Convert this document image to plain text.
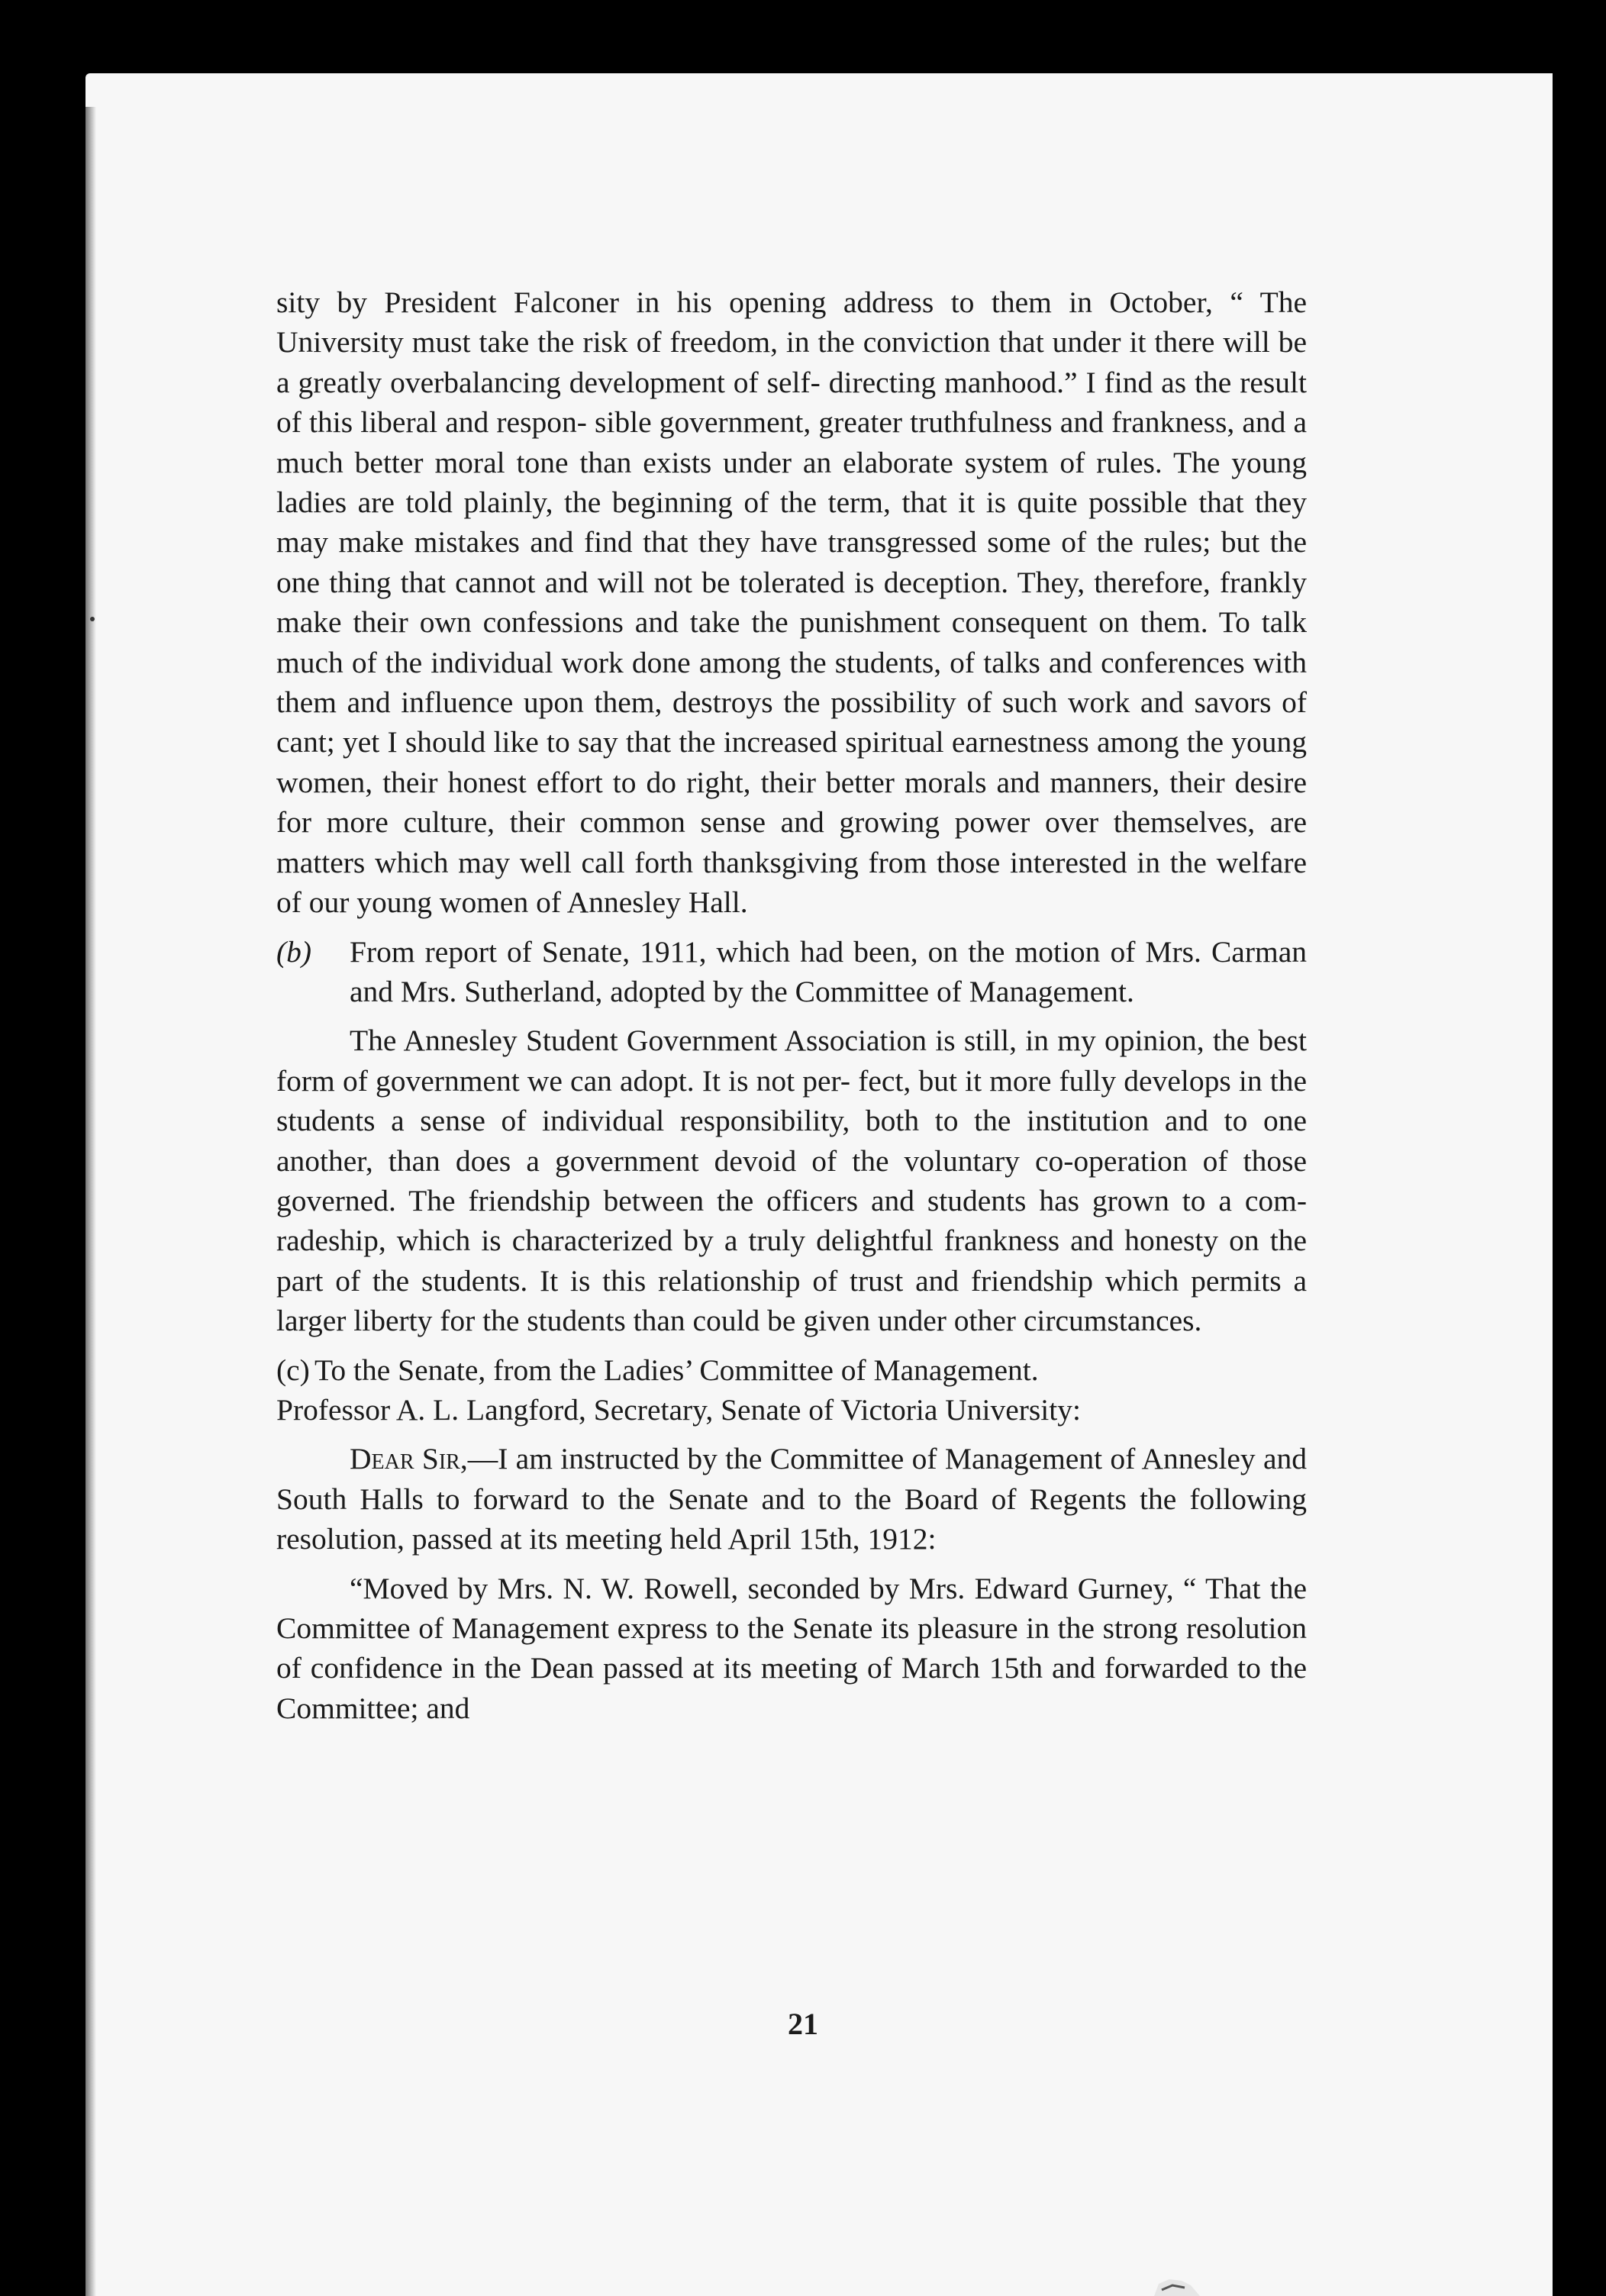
sity by President Falconer in his opening address to them in October, “ The University must take the risk of freedom, in the conviction that under it there will be a greatly overbalancing development of self- directing manhood.” I find as the result of this liberal and respon- sible government, greater truthfulness and frankness, and a much better moral tone than exists under an elaborate system of rules. The young ladies are told plainly, the beginning of the term, that it is quite possible that they may make mistakes and find that they have transgressed some of the rules; but the one thing that cannot and will not be tolerated is deception. They, therefore, frankly make their own confessions and take the punishment consequent on them. To talk much of the individual work done among the students, of talks and conferences with them and influence upon them, destroys the possibility of such work and savors of cant; yet I should like to say that the increased spiritual earnestness among the young women, their honest effort to do right, their better morals and manners, their desire for more culture, their common sense and growing power over themselves, are matters which may well call forth thanksgiving from those interested in the welfare of our young women of Annesley Hall.

(b) From report of Senate, 1911, which had been, on the motion of Mrs. Carman and Mrs. Sutherland, adopted by the Committee of Management.

The Annesley Student Government Association is still, in my opinion, the best form of government we can adopt. It is not per- fect, but it more fully develops in the students a sense of individual responsibility, both to the institution and to one another, than does a government devoid of the voluntary co-operation of those governed. The friendship between the officers and students has grown to a com- radeship, which is characterized by a truly delightful frankness and honesty on the part of the students. It is this relationship of trust and friendship which permits a larger liberty for the students than could be given under other circumstances.

(c) To the Senate, from the Ladies’ Committee of Management.

Professor A. L. Langford, Secretary, Senate of Victoria University:

Dear Sir,—I am instructed by the Committee of Management of Annesley and South Halls to forward to the Senate and to the Board of Regents the following resolution, passed at its meeting held April 15th, 1912:

“Moved by Mrs. N. W. Rowell, seconded by Mrs. Edward Gurney, “ That the Committee of Management express to the Senate its pleasure in the strong resolution of confidence in the Dean passed at its meeting of March 15th and forwarded to the Committee; and

21
